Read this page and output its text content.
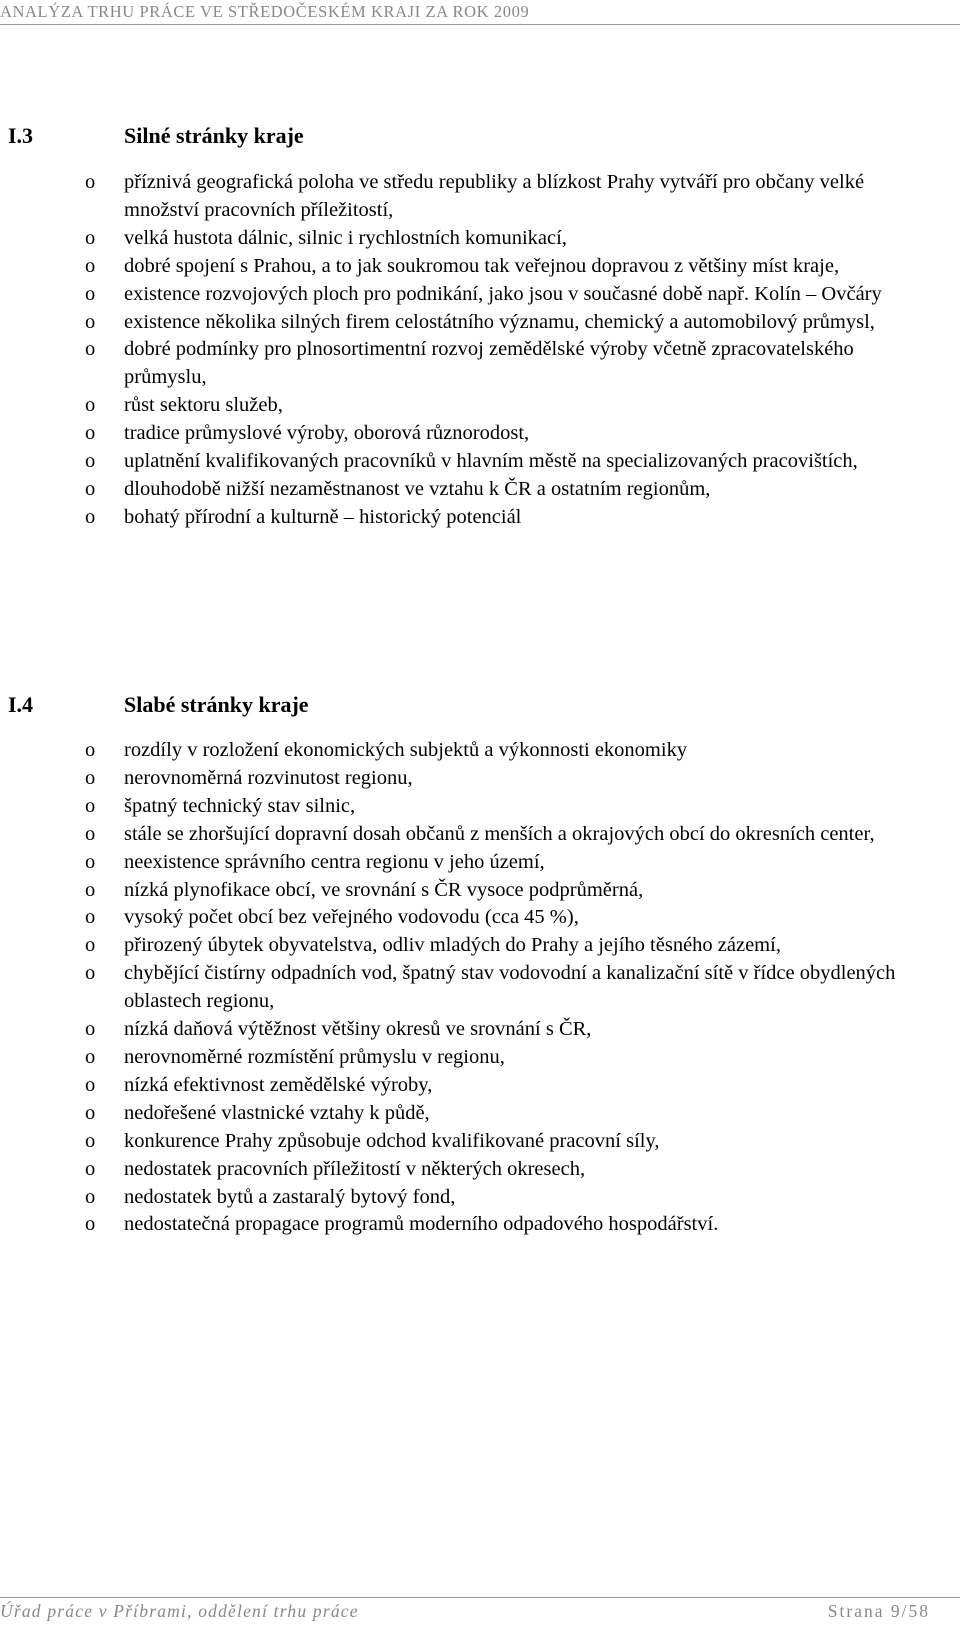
ANALÝZA TRHU PRÁCE VE STŘEDOČESKÉM KRAJI ZA ROK 2009
I.3	Silné stránky kraje
o příznivá geografická poloha ve středu republiky a blízkost Prahy vytváří pro občany velké množství pracovních příležitostí,
o velká hustota dálnic, silnic i rychlostních komunikací,
o dobré spojení s Prahou, a to jak soukromou tak veřejnou dopravou z většiny míst kraje,
o existence rozvojových ploch pro podnikání, jako jsou v současné době např. Kolín – Ovčáry
o existence několika silných firem celostátního významu, chemický a automobilový průmysl,
o dobré podmínky pro plnosortimentní rozvoj zemědělské výroby včetně zpracovatelského průmyslu,
o růst sektoru služeb,
o tradice průmyslové výroby, oborová různorodost,
o uplatnění kvalifikovaných pracovníků v hlavním městě na specializovaných pracovištích,
o dlouhodobě nižší nezaměstnanost ve vztahu k ČR a ostatním regionům,
o bohatý přírodní a kulturně – historický potenciál
I.4	Slabé stránky kraje
o rozdíly v rozložení ekonomických subjektů a výkonnosti ekonomiky
o nerovnoměrná rozvinutost regionu,
o špatný technický stav silnic,
o stále se zhoršující dopravní dosah občanů z menších a okrajových obcí do okresních center,
o neexistence správního centra regionu v jeho území,
o nízká plynofikace obcí, ve srovnání s ČR vysoce podprůměrná,
o vysoký počet obcí bez veřejného vodovodu (cca 45 %),
o přirozený úbytek obyvatelstva, odliv mladých do Prahy a jejího těsného zázemí,
o chybějící čistírny odpadních vod, špatný stav vodovodní a kanalizační sítě v řídce obydlených oblastech regionu,
o nízká daňová výtěžnost většiny okresů ve srovnání s ČR,
o nerovnoměrné rozmístění průmyslu v regionu,
o nízká efektivnost zemědělské výroby,
o nedořešené vlastnické vztahy k půdě,
o konkurence Prahy způsobuje odchod kvalifikované pracovní síly,
o nedostatek pracovních příležitostí v některých okresech,
o nedostatek bytů a zastaralý bytový fond,
o nedostatečná propagace programů moderního odpadového hospodářství.
Úřad práce v Příbrami, oddělení trhu práce	Strana 9/58
